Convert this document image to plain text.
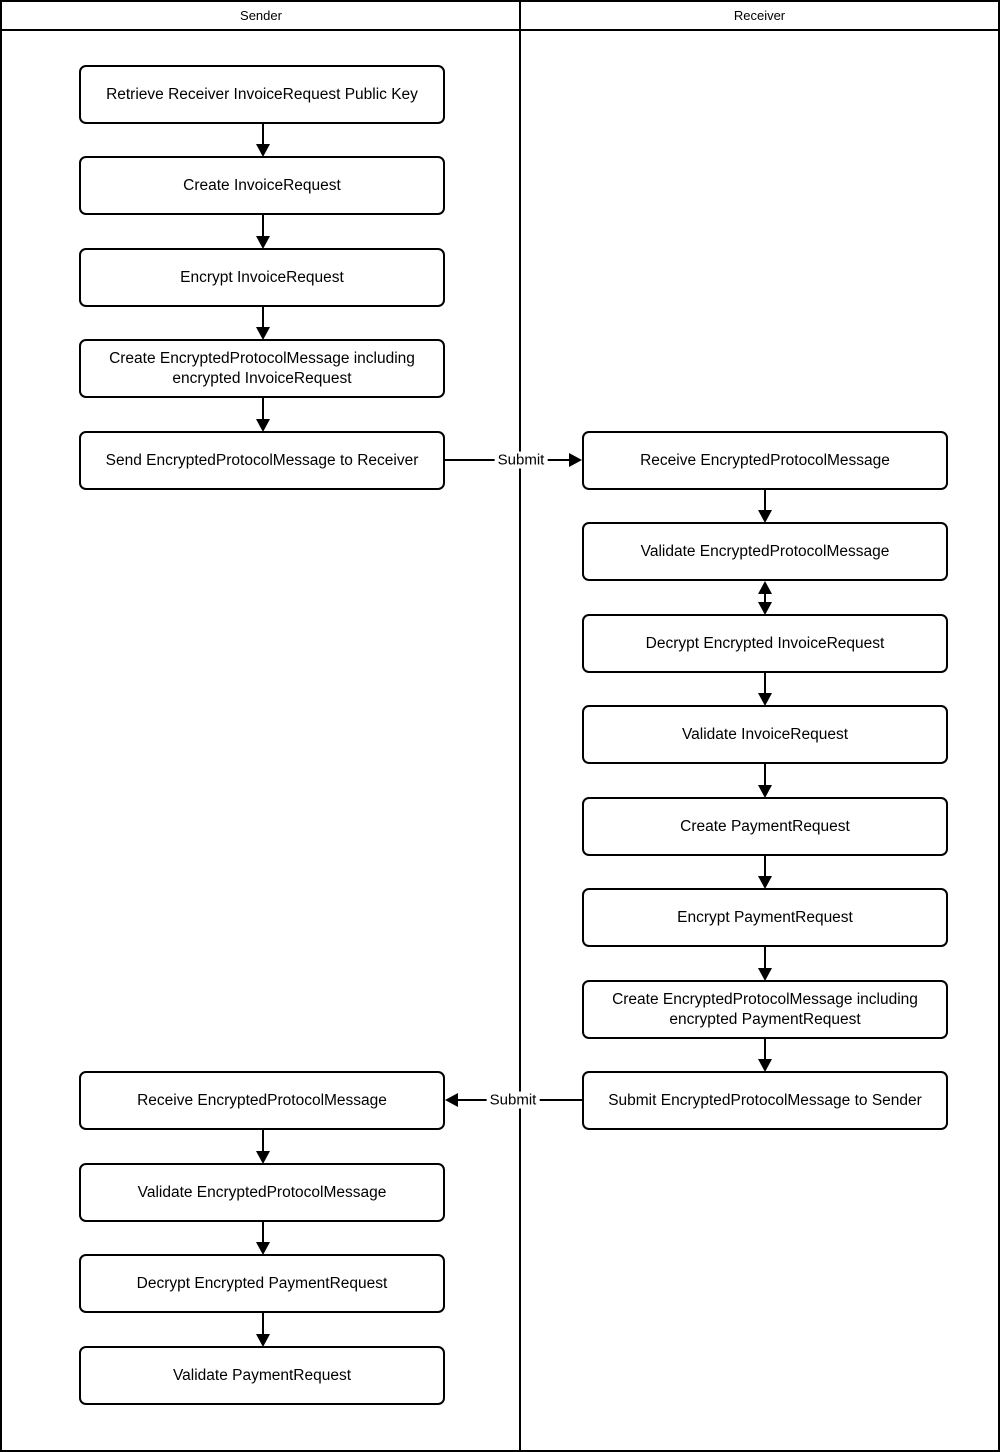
Sender	Receiver
Retrieve Receiver InvoiceRequest Public Key
Create InvoiceRequest
Encrypt InvoiceRequest
Create EncryptedProtocolMessage including encrypted InvoiceRequest
Send EncryptedProtocolMessage to Receiver	Receive EncryptedProtocolMessage
Validate EncryptedProtocolMessage
Decrypt Encrypted InvoiceRequest
Validate InvoiceRequest
Create PaymentRequest
Encrypt PaymentRequest
Create EncryptedProtocolMessage including encrypted PaymentRequest
Submit EncryptedProtocolMessage to Sender
Receive EncryptedProtocolMessage
Validate EncryptedProtocolMessage
Decrypt Encrypted PaymentRequest
Validate PaymentRequest
Submit
Submit
